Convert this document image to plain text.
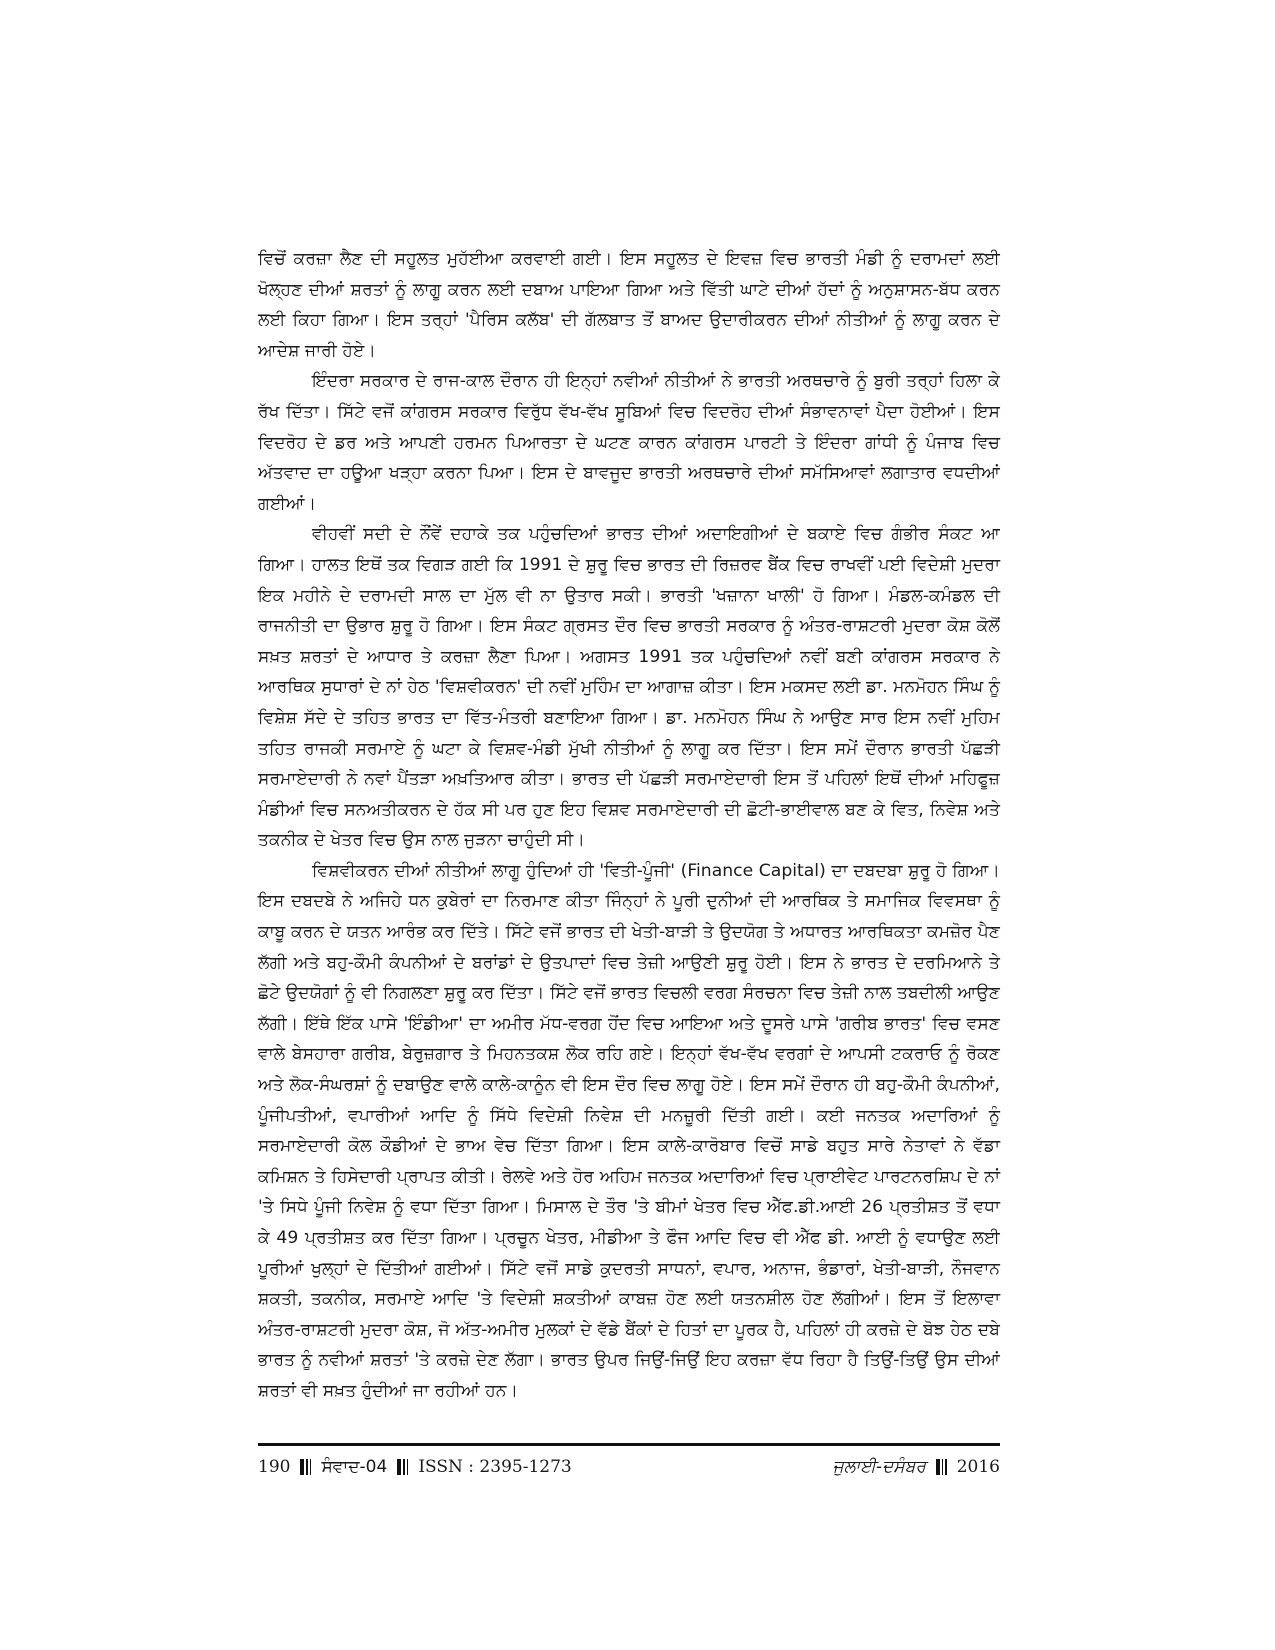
ਵਿਚੋਂ ਕਰਜ਼ਾ ਲੈਣ ਦੀ ਸਹੂਲਤ ਮੁਹੱਈਆ ਕਰਵਾਈ ਗਈ। ਇਸ ਸਹੂਲਤ ਦੇ ਇਵਜ਼ ਵਿਚ ਭਾਰਤੀ ਮੰਡੀ ਨੂੰ ਦਰਾਮਦਾਂ ਲਈ ਖੋਲ੍ਹਣ ਦੀਆਂ ਸ਼ਰਤਾਂ ਨੂੰ ਲਾਗੂ ਕਰਨ ਲਈ ਦਬਾਅ ਪਾਇਆ ਗਿਆ ਅਤੇ ਵਿੱਤੀ ਘਾਟੇ ਦੀਆਂ ਹੱਦਾਂ ਨੂੰ ਅਨੁਸ਼ਾਸਨ-ਬੱਧ ਕਰਨ ਲਈ ਕਿਹਾ ਗਿਆ। ਇਸ ਤਰ੍ਹਾਂ 'ਪੈਰਿਸ ਕਲੱਬ' ਦੀ ਗੱਲਬਾਤ ਤੋਂ ਬਾਅਦ ਉਦਾਰੀਕਰਨ ਦੀਆਂ ਨੀਤੀਆਂ ਨੂੰ ਲਾਗੂ ਕਰਨ ਦੇ ਆਦੇਸ਼ ਜਾਰੀ ਹੋਏ।

ਇੰਦਰਾ ਸਰਕਾਰ ਦੇ ਰਾਜ-ਕਾਲ ਦੌਰਾਨ ਹੀ ਇਨ੍ਹਾਂ ਨਵੀਆਂ ਨੀਤੀਆਂ ਨੇ ਭਾਰਤੀ ਅਰਥਚਾਰੇ ਨੂੰ ਬੁਰੀ ਤਰ੍ਹਾਂ ਹਿਲਾ ਕੇ ਰੱਖ ਦਿੱਤਾ। ਸਿੱਟੇ ਵਜੋਂ ਕਾਂਗਰਸ ਸਰਕਾਰ ਵਿਰੁੱਧ ਵੱਖ-ਵੱਖ ਸੂਬਿਆਂ ਵਿਚ ਵਿਦਰੋਹ ਦੀਆਂ ਸੰਭਾਵਨਾਵਾਂ ਪੈਦਾ ਹੋਈਆਂ। ਇਸ ਵਿਦਰੋਹ ਦੇ ਡਰ ਅਤੇ ਆਪਣੀ ਹਰਮਨ ਪਿਆਰਤਾ ਦੇ ਘਟਣ ਕਾਰਨ ਕਾਂਗਰਸ ਪਾਰਟੀ ਤੇ ਇੰਦਰਾ ਗਾਂਧੀ ਨੂੰ ਪੰਜਾਬ ਵਿਚ ਅੱਤਵਾਦ ਦਾ ਹਊਆ ਖੜ੍ਹਾ ਕਰਨਾ ਪਿਆ। ਇਸ ਦੇ ਬਾਵਜੂਦ ਭਾਰਤੀ ਅਰਥਚਾਰੇ ਦੀਆਂ ਸਮੱਸਿਆਵਾਂ ਲਗਾਤਾਰ ਵਧਦੀਆਂ ਗਈਆਂ।

ਵੀਹਵੀਂ ਸਦੀ ਦੇ ਨੌਂਵੇਂ ਦਹਾਕੇ ਤਕ ਪਹੁੰਚਦਿਆਂ ਭਾਰਤ ਦੀਆਂ ਅਦਾਇਗੀਆਂ ਦੇ ਬਕਾਏ ਵਿਚ ਗੰਭੀਰ ਸੰਕਟ ਆ ਗਿਆ। ਹਾਲਤ ਇਥੋਂ ਤਕ ਵਿਗੜ ਗਈ ਕਿ 1991 ਦੇ ਸ਼ੁਰੂ ਵਿਚ ਭਾਰਤ ਦੀ ਰਿਜ਼ਰਵ ਬੈਂਕ ਵਿਚ ਰਾਖਵੀਂ ਪਈ ਵਿਦੇਸ਼ੀ ਮੁਦਰਾ ਇਕ ਮਹੀਨੇ ਦੇ ਦਰਾਮਦੀ ਸਾਲ ਦਾ ਮੁੱਲ ਵੀ ਨਾ ਉਤਾਰ ਸਕੀ। ਭਾਰਤੀ 'ਖਜ਼ਾਨਾ ਖਾਲੀ' ਹੋ ਗਿਆ। ਮੰਡਲ-ਕਮੰਡਲ ਦੀ ਰਾਜਨੀਤੀ ਦਾ ਉਭਾਰ ਸ਼ੁਰੂ ਹੋ ਗਿਆ। ਇਸ ਸੰਕਟ ਗ੍ਰਸਤ ਦੌਰ ਵਿਚ ਭਾਰਤੀ ਸਰਕਾਰ ਨੂੰ ਅੰਤਰ-ਰਾਸ਼ਟਰੀ ਮੁਦਰਾ ਕੋਸ਼ ਕੋਲੋਂ ਸਖ਼ਤ ਸ਼ਰਤਾਂ ਦੇ ਆਧਾਰ ਤੇ ਕਰਜ਼ਾ ਲੈਣਾ ਪਿਆ। ਅਗਸਤ 1991 ਤਕ ਪਹੁੰਚਦਿਆਂ ਨਵੀਂ ਬਣੀ ਕਾਂਗਰਸ ਸਰਕਾਰ ਨੇ ਆਰਥਿਕ ਸੁਧਾਰਾਂ ਦੇ ਨਾਂ ਹੇਠ 'ਵਿਸ਼ਵੀਕਰਨ' ਦੀ ਨਵੀਂ ਮੁਹਿੰਮ ਦਾ ਆਗਾਜ਼ ਕੀਤਾ। ਇਸ ਮਕਸਦ ਲਈ ਡਾ. ਮਨਮੋਹਨ ਸਿੰਘ ਨੂੰ ਵਿਸ਼ੇਸ਼ ਸੱਦੇ ਦੇ ਤਹਿਤ ਭਾਰਤ ਦਾ ਵਿੱਤ-ਮੰਤਰੀ ਬਣਾਇਆ ਗਿਆ। ਡਾ. ਮਨਮੋਹਨ ਸਿੰਘ ਨੇ ਆਉਣ ਸਾਰ ਇਸ ਨਵੀਂ ਮੁਹਿਮ ਤਹਿਤ ਰਾਜਕੀ ਸਰਮਾਏ ਨੂੰ ਘਟਾ ਕੇ ਵਿਸ਼ਵ-ਮੰਡੀ ਮੁੱਖੀ ਨੀਤੀਆਂ ਨੂੰ ਲਾਗੂ ਕਰ ਦਿੱਤਾ। ਇਸ ਸਮੇਂ ਦੌਰਾਨ ਭਾਰਤੀ ਪੱਛੜੀ ਸਰਮਾਏਦਾਰੀ ਨੇ ਨਵਾਂ ਪੈਂਤੜਾ ਅਖ਼ਤਿਆਰ ਕੀਤਾ। ਭਾਰਤ ਦੀ ਪੱਛੜੀ ਸਰਮਾਏਦਾਰੀ ਇਸ ਤੋਂ ਪਹਿਲਾਂ ਇਥੋਂ ਦੀਆਂ ਮਹਿਫੂਜ਼ ਮੰਡੀਆਂ ਵਿਚ ਸਨਅਤੀਕਰਨ ਦੇ ਹੱਕ ਸੀ ਪਰ ਹੁਣ ਇਹ ਵਿਸ਼ਵ ਸਰਮਾਏਦਾਰੀ ਦੀ ਛੋਟੀ-ਭਾਈਵਾਲ ਬਣ ਕੇ ਵਿਤ, ਨਿਵੇਸ਼ ਅਤੇ ਤਕਨੀਕ ਦੇ ਖੇਤਰ ਵਿਚ ਉਸ ਨਾਲ ਜੁੜਨਾ ਚਾਹੁੰਦੀ ਸੀ।

ਵਿਸ਼ਵੀਕਰਨ ਦੀਆਂ ਨੀਤੀਆਂ ਲਾਗੂ ਹੁੰਦਿਆਂ ਹੀ 'ਵਿਤੀ-ਪੂੰਜੀ' (Finance Capital) ਦਾ ਦਬਦਬਾ ਸ਼ੁਰੂ ਹੋ ਗਿਆ। ਇਸ ਦਬਦਬੇ ਨੇ ਅਜਿਹੇ ਧਨ ਕੁਬੇਰਾਂ ਦਾ ਨਿਰਮਾਣ ਕੀਤਾ ਜਿੰਨ੍ਹਾਂ ਨੇ ਪੂਰੀ ਦੁਨੀਆਂ ਦੀ ਆਰਥਿਕ ਤੇ ਸਮਾਜਿਕ ਵਿਵਸਥਾ ਨੂੰ ਕਾਬੂ ਕਰਨ ਦੇ ਯਤਨ ਆਰੰਭ ਕਰ ਦਿੱਤੇ। ਸਿੱਟੇ ਵਜੋਂ ਭਾਰਤ ਦੀ ਖੇਤੀ-ਬਾੜੀ ਤੇ ਉਦਯੋਗ ਤੇ ਅਧਾਰਤ ਆਰਥਿਕਤਾ ਕਮਜ਼ੋਰ ਪੈਣ ਲੱਗੀ ਅਤੇ ਬਹੁ-ਕੌਮੀ ਕੰਪਨੀਆਂ ਦੇ ਬਰਾਂਡਾਂ ਦੇ ਉਤਪਾਦਾਂ ਵਿਚ ਤੇਜ਼ੀ ਆਉਣੀ ਸ਼ੁਰੂ ਹੋਈ। ਇਸ ਨੇ ਭਾਰਤ ਦੇ ਦਰਮਿਆਨੇ ਤੇ ਛੋਟੇ ਉਦਯੋਗਾਂ ਨੂੰ ਵੀ ਨਿਗਲਣਾ ਸ਼ੁਰੂ ਕਰ ਦਿੱਤਾ। ਸਿੱਟੇ ਵਜੋਂ ਭਾਰਤ ਵਿਚਲੀ ਵਰਗ ਸੰਰਚਨਾ ਵਿਚ ਤੇਜ਼ੀ ਨਾਲ ਤਬਦੀਲੀ ਆਉਣ ਲੱਗੀ। ਇੱਥੇ ਇੱਕ ਪਾਸੇ 'ਇੰਡੀਆ' ਦਾ ਅਮੀਰ ਮੱਧ-ਵਰਗ ਹੋਂਦ ਵਿਚ ਆਇਆ ਅਤੇ ਦੂਸਰੇ ਪਾਸੇ 'ਗਰੀਬ ਭਾਰਤ' ਵਿਚ ਵਸਣ ਵਾਲੇ ਬੇਸਹਾਰਾ ਗਰੀਬ, ਬੇਰੁਜ਼ਗਾਰ ਤੇ ਮਿਹਨਤਕਸ਼ ਲੋਕ ਰਹਿ ਗਏ। ਇਨ੍ਹਾਂ ਵੱਖ-ਵੱਖ ਵਰਗਾਂ ਦੇ ਆਪਸੀ ਟਕਰਾਓ ਨੂੰ ਰੋਕਣ ਅਤੇ ਲੋਕ-ਸੰਘਰਸ਼ਾਂ ਨੂੰ ਦਬਾਉਣ ਵਾਲੇ ਕਾਲੇ-ਕਾਨੂੰਨ ਵੀ ਇਸ ਦੌਰ ਵਿਚ ਲਾਗੂ ਹੋਏ। ਇਸ ਸਮੇਂ ਦੌਰਾਨ ਹੀ ਬਹੁ-ਕੌਮੀ ਕੰਪਨੀਆਂ, ਪੂੰਜੀਪਤੀਆਂ, ਵਪਾਰੀਆਂ ਆਦਿ ਨੂੰ ਸਿੱਧੇ ਵਿਦੇਸ਼ੀ ਨਿਵੇਸ਼ ਦੀ ਮਨਜ਼ੂਰੀ ਦਿੱਤੀ ਗਈ। ਕਈ ਜਨਤਕ ਅਦਾਰਿਆਂ ਨੂੰ ਸਰਮਾਏਦਾਰੀ ਕੋਲ ਕੌਡੀਆਂ ਦੇ ਭਾਅ ਵੇਚ ਦਿੱਤਾ ਗਿਆ। ਇਸ ਕਾਲੇ-ਕਾਰੋਬਾਰ ਵਿਚੋਂ ਸਾਡੇ ਬਹੁਤ ਸਾਰੇ ਨੇਤਾਵਾਂ ਨੇ ਵੱਡਾ ਕਮਿਸ਼ਨ ਤੇ ਹਿਸੇਦਾਰੀ ਪ੍ਰਾਪਤ ਕੀਤੀ। ਰੇਲਵੇ ਅਤੇ ਹੋਰ ਅਹਿਮ ਜਨਤਕ ਅਦਾਰਿਆਂ ਵਿਚ ਪ੍ਰਾਈਵੇਟ ਪਾਰਟਨਰਸ਼ਿਪ ਦੇ ਨਾਂ 'ਤੇ ਸਿਧੇ ਪੂੰਜੀ ਨਿਵੇਸ਼ ਨੂੰ ਵਧਾ ਦਿੱਤਾ ਗਿਆ। ਮਿਸਾਲ ਦੇ ਤੌਰ 'ਤੇ ਬੀਮਾਂ ਖੇਤਰ ਵਿਚ ਐੱਫ.ਡੀ.ਆਈ 26 ਪ੍ਰਤੀਸ਼ਤ ਤੋਂ ਵਧਾ ਕੇ 49 ਪ੍ਰਤੀਸ਼ਤ ਕਰ ਦਿੱਤਾ ਗਿਆ। ਪ੍ਰਚੂਨ ਖੇਤਰ, ਮੀਡੀਆ ਤੇ ਫੌਜ ਆਦਿ ਵਿਚ ਵੀ ਐੱਫ ਡੀ. ਆਈ ਨੂੰ ਵਧਾਉਣ ਲਈ ਪੂਰੀਆਂ ਖੁਲ੍ਹਾਂ ਦੇ ਦਿੱਤੀਆਂ ਗਈਆਂ। ਸਿੱਟੇ ਵਜੋਂ ਸਾਡੇ ਕੁਦਰਤੀ ਸਾਧਨਾਂ, ਵਪਾਰ, ਅਨਾਜ, ਭੰਡਾਰਾਂ, ਖੇਤੀ-ਬਾੜੀ, ਨੌਜਵਾਨ ਸ਼ਕਤੀ, ਤਕਨੀਕ, ਸਰਮਾਏ ਆਦਿ 'ਤੇ ਵਿਦੇਸ਼ੀ ਸ਼ਕਤੀਆਂ ਕਾਬਜ਼ ਹੋਣ ਲਈ ਯਤਨਸ਼ੀਲ ਹੋਣ ਲੱਗੀਆਂ। ਇਸ ਤੋਂ ਇਲਾਵਾ ਅੰਤਰ-ਰਾਸ਼ਟਰੀ ਮੁਦਰਾ ਕੋਸ਼, ਜੋ ਅੱਤ-ਅਮੀਰ ਮੁਲਕਾਂ ਦੇ ਵੱਡੇ ਬੈਂਕਾਂ ਦੇ ਹਿਤਾਂ ਦਾ ਪੂਰਕ ਹੈ, ਪਹਿਲਾਂ ਹੀ ਕਰਜ਼ੇ ਦੇ ਬੋਝ ਹੇਠ ਦਬੇ ਭਾਰਤ ਨੂੰ ਨਵੀਆਂ ਸ਼ਰਤਾਂ 'ਤੇ ਕਰਜ਼ੇ ਦੇਣ ਲੱਗਾ। ਭਾਰਤ ਉਪਰ ਜਿਉਂ-ਜਿਉਂ ਇਹ ਕਰਜ਼ਾ ਵੱਧ ਰਿਹਾ ਹੈ ਤਿਉਂ-ਤਿਉਂ ਉਸ ਦੀਆਂ ਸ਼ਰਤਾਂ ਵੀ ਸਖ਼ਤ ਹੁੰਦੀਆਂ ਜਾ ਰਹੀਆਂ ਹਨ।

190 ਸੰਵਾਦ-04 ISSN : 2395-1273	ਜੁਲਾਈ-ਦਸੰਬਰ 2016
